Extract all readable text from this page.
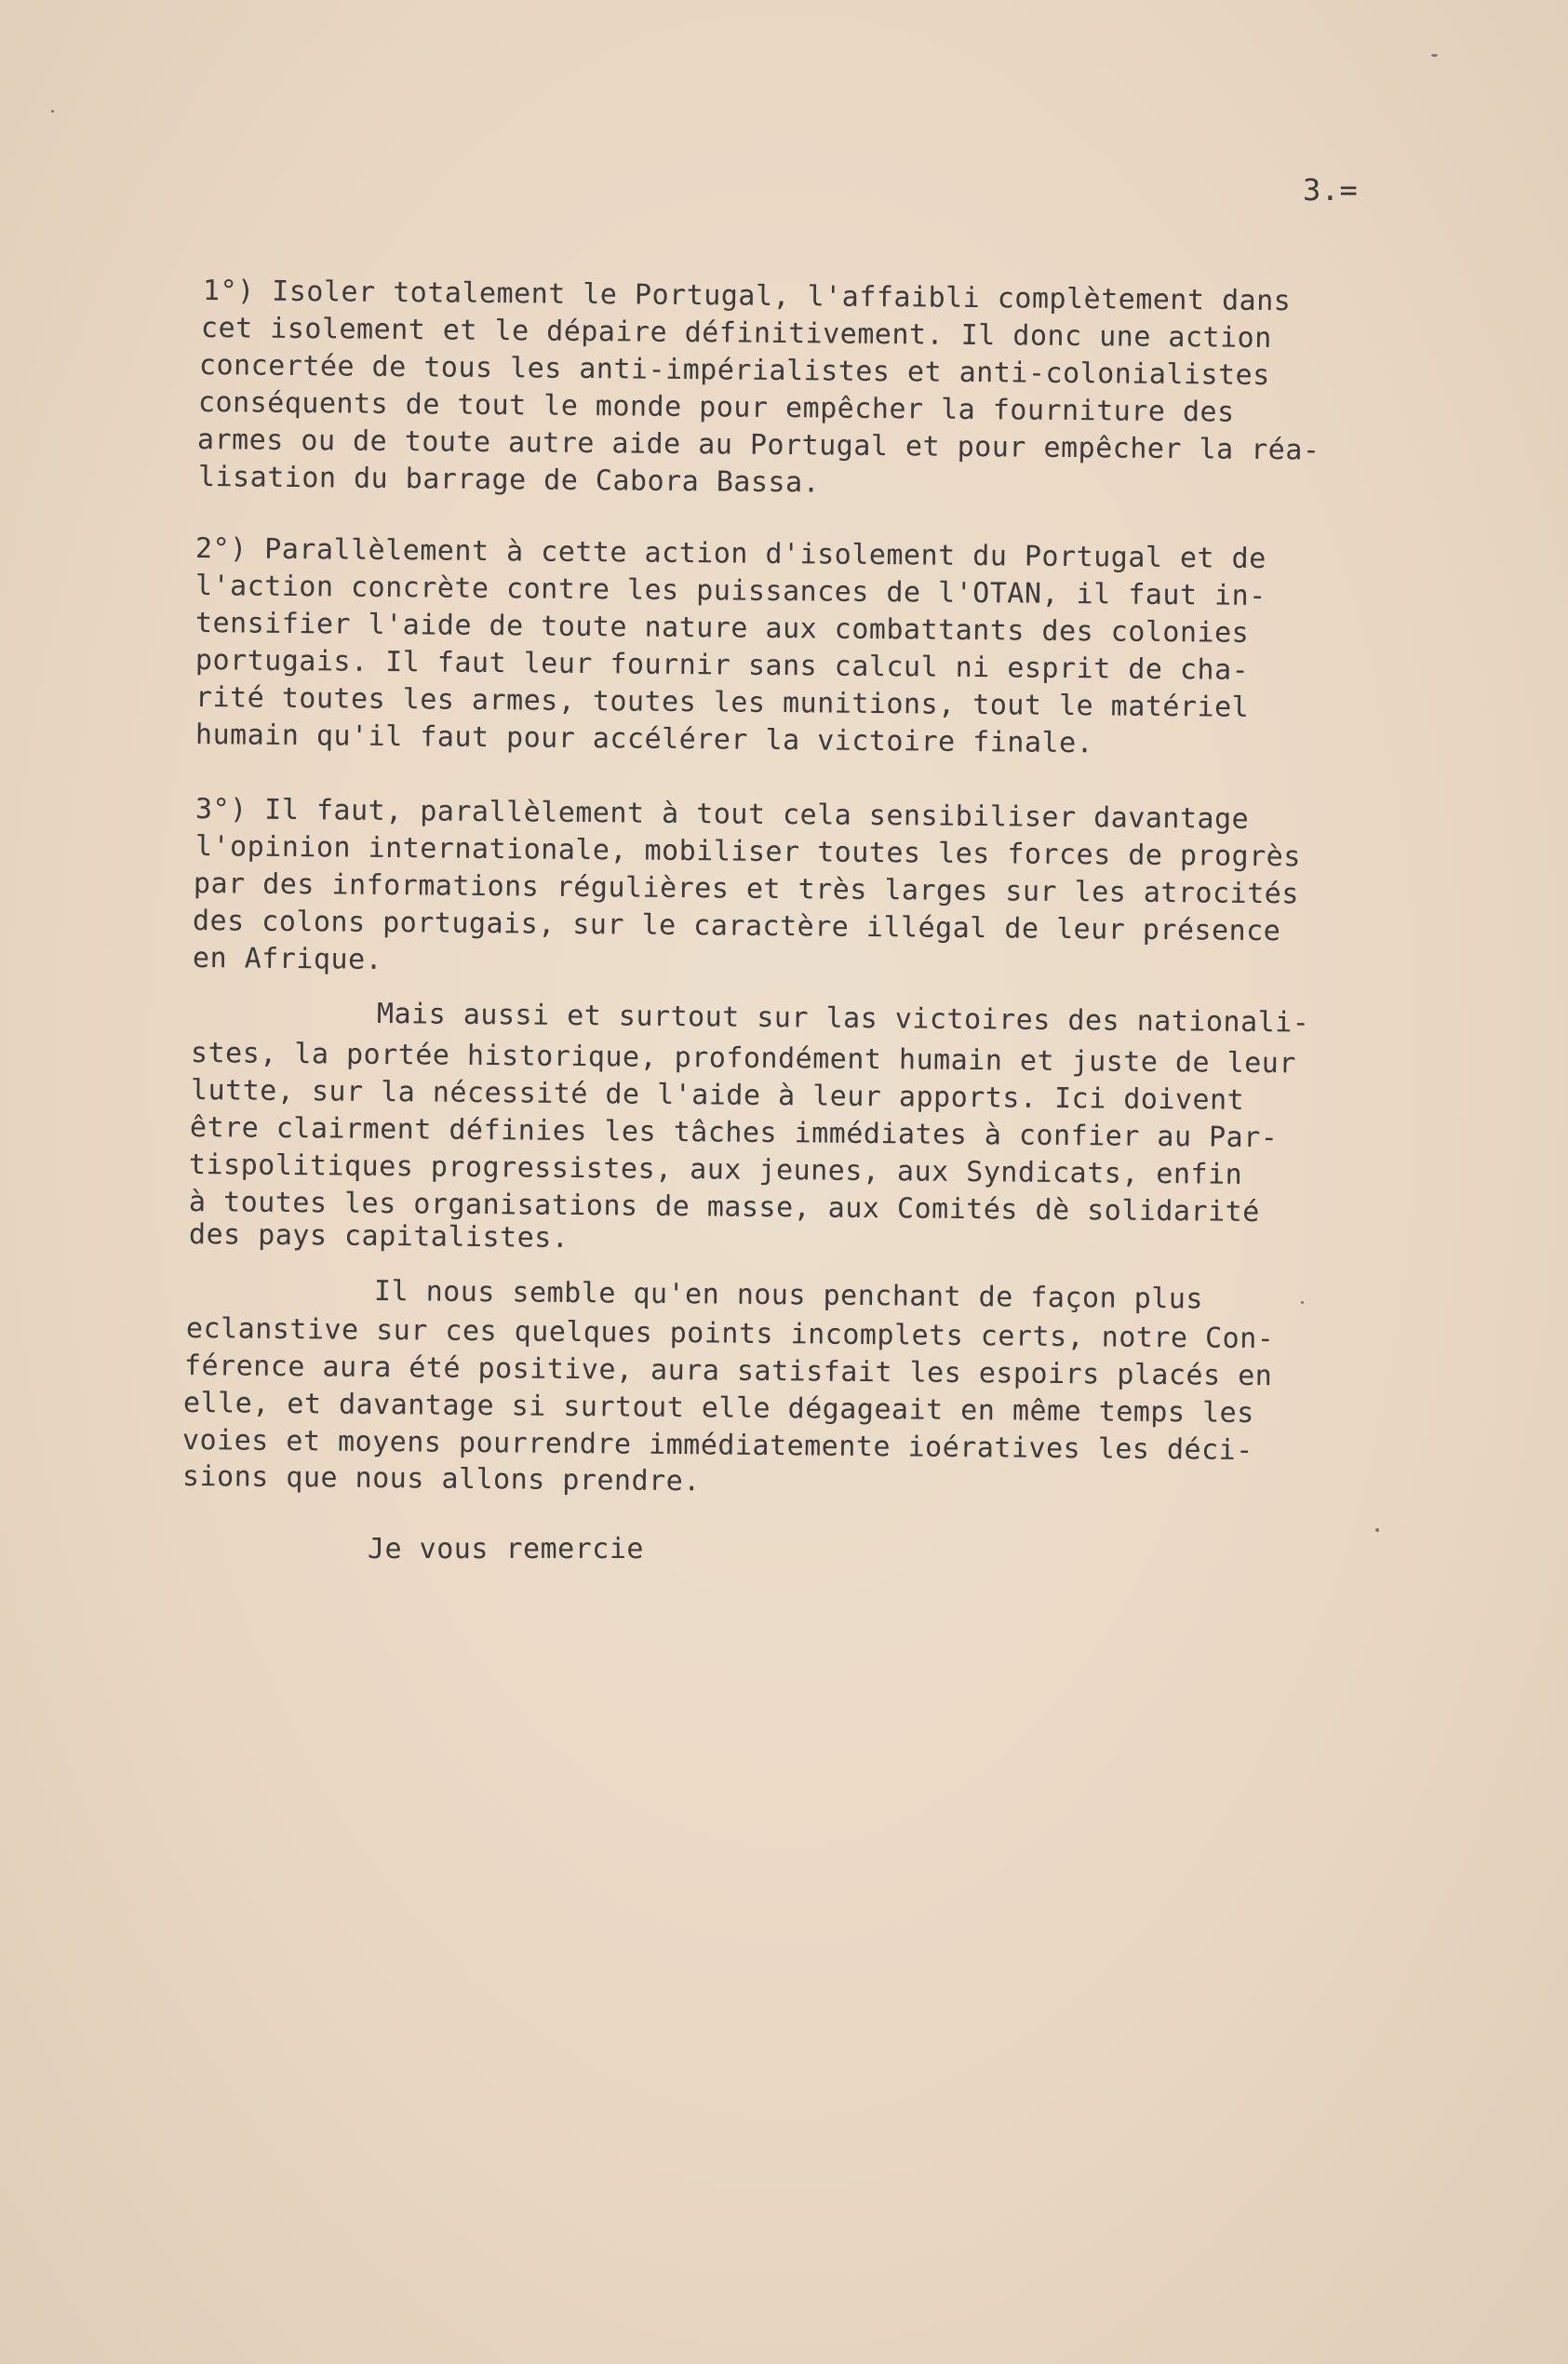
3.=
1°) Isoler totalement le Portugal, l'affaibli complètement dans
cet isolement et le dépaire définitivement. Il donc une action
concertée de tous les anti-impérialistes et anti-colonialistes
conséquents de tout le monde pour empêcher la fourniture des
armes ou de toute autre aide au Portugal et pour empêcher la réa-
lisation du barrage de Cabora Bassa.
2°) Parallèlement à cette action d'isolement du Portugal et de
l'action concrète contre les puissances de l'OTAN, il faut in-
tensifier l'aide de toute nature aux combattants des colonies
portugais. Il faut leur fournir sans calcul ni esprit de cha-
rité toutes les armes, toutes les munitions, tout le matériel
humain qu'il faut pour accélérer la victoire finale.
3°) Il faut, parallèlement à tout cela sensibiliser davantage
l'opinion internationale, mobiliser toutes les forces de progrès
par des informations régulières et très larges sur les atrocités
des colons portugais, sur le caractère illégal de leur présence
en Afrique.
Mais aussi et surtout sur las victoires des nationali-
stes, la portée historique, profondément humain et juste de leur
lutte, sur la nécessité de l'aide à leur apports. Ici doivent
être clairment définies les tâches immédiates à confier au Par-
tispolitiques progressistes, aux jeunes, aux Syndicats, enfin
à toutes les organisations de masse, aux Comités dè solidarité
des pays capitalistes.
Il nous semble qu'en nous penchant de façon plus
eclanstive sur ces quelques points incomplets certs, notre Con-
férence aura été positive, aura satisfait les espoirs placés en
elle, et davantage si surtout elle dégageait en même temps les
voies et moyens pourrendre immédiatemente ioératives les déci-
sions que nous allons prendre.
Je vous remercie
